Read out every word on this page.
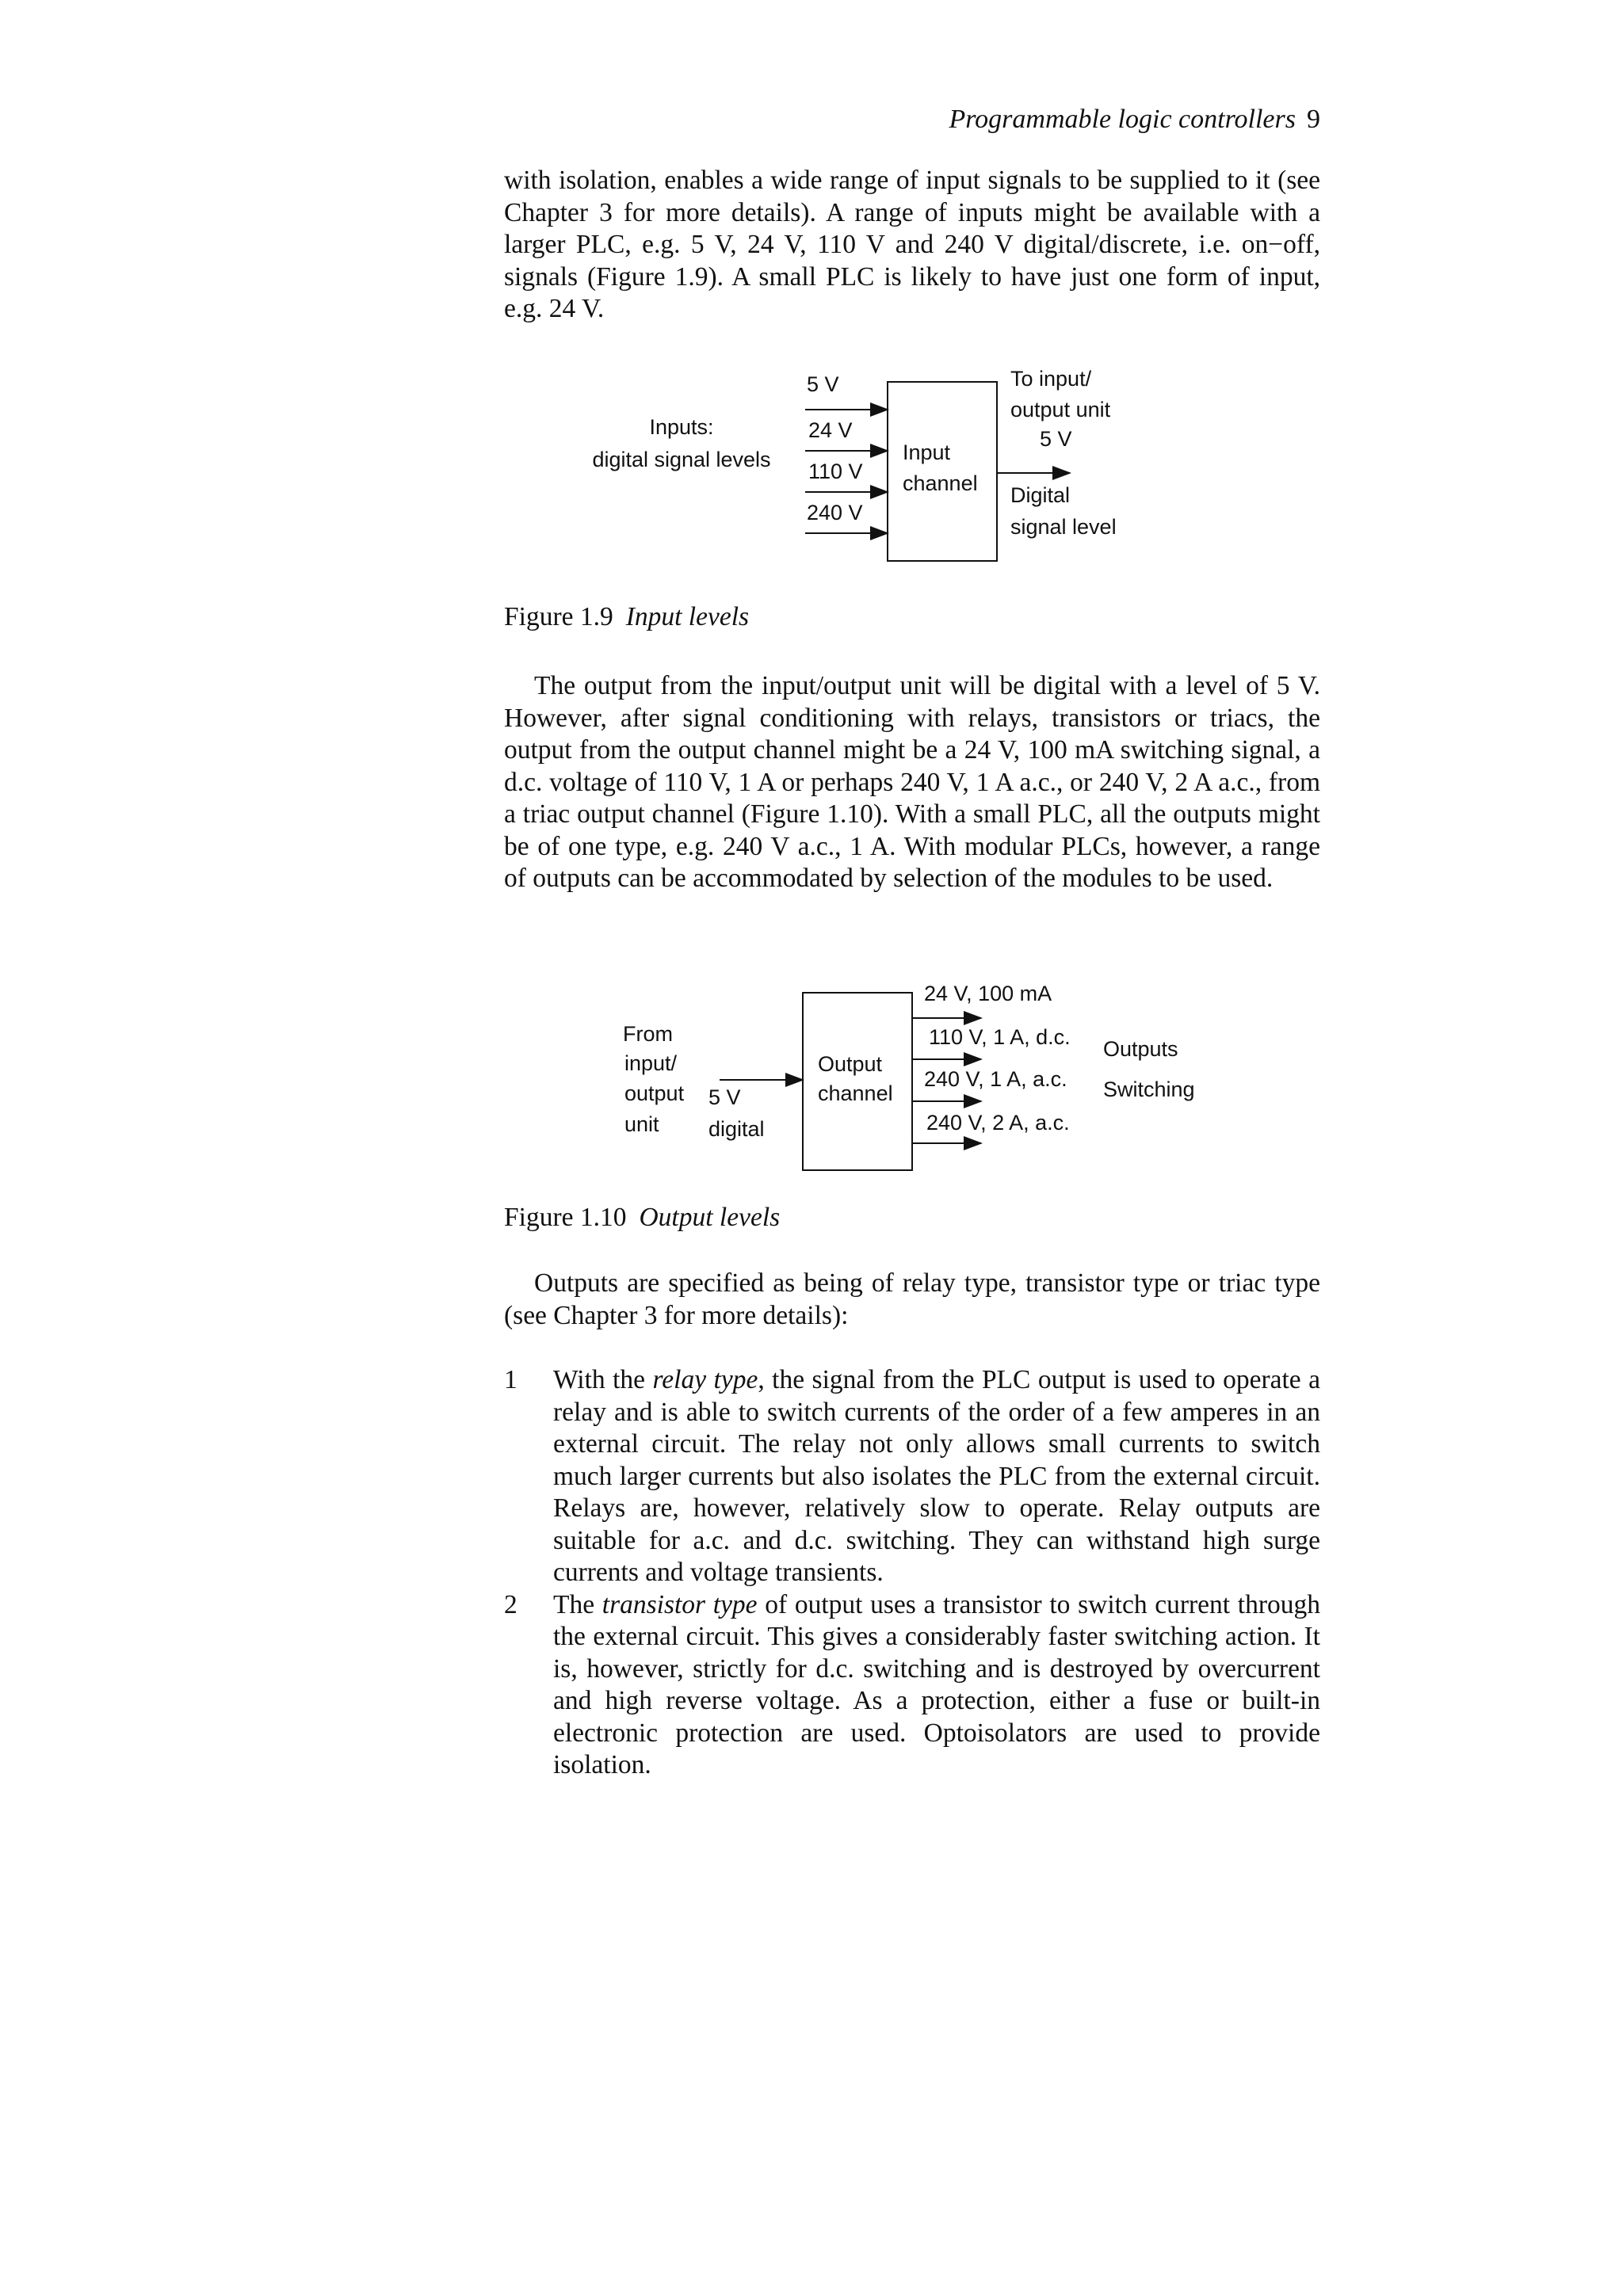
Programmable logic controllers 9

with isolation, enables a wide range of input signals to be supplied to it (see Chapter 3 for more details). A range of inputs might be available with a larger PLC, e.g. 5 V, 24 V, 110 V and 240 V digital/discrete, i.e. on−off, signals (Figure 1.9). A small PLC is likely to have just one form of input, e.g. 24 V.

Inputs:
digital signal levels
5 V
24 V
110 V
240 V
Input
channel
To input/
output unit
5 V
Digital
signal level
Figure 1.9 Input levels

The output from the input/output unit will be digital with a level of 5 V. However, after signal conditioning with relays, transistors or triacs, the output from the output channel might be a 24 V, 100 mA switching signal, a d.c. voltage of 110 V, 1 A or perhaps 240 V, 1 A a.c., or 240 V, 2 A a.c., from a triac output channel (Figure 1.10). With a small PLC, all the outputs might be of one type, e.g. 240 V a.c., 1 A. With modular PLCs, however, a range of outputs can be accommodated by selection of the modules to be used.

From
input/
output
unit
5 V
digital
Output
channel
24 V, 100 mA
110 V, 1 A, d.c.
240 V, 1 A, a.c.
240 V, 2 A, a.c.
Outputs
Switching
Figure 1.10 Output levels

Outputs are specified as being of relay type, transistor type or triac type (see Chapter 3 for more details):

1 With the relay type, the signal from the PLC output is used to operate a relay and is able to switch currents of the order of a few amperes in an external circuit. The relay not only allows small currents to switch much larger currents but also isolates the PLC from the external circuit. Relays are, however, relatively slow to operate. Relay outputs are suitable for a.c. and d.c. switching. They can withstand high surge currents and voltage transients.
2 The transistor type of output uses a transistor to switch current through the external circuit. This gives a considerably faster switching action. It is, however, strictly for d.c. switching and is destroyed by overcurrent and high reverse voltage. As a protection, either a fuse or built-in electronic protection are used. Optoisolators are used to provide isolation.
